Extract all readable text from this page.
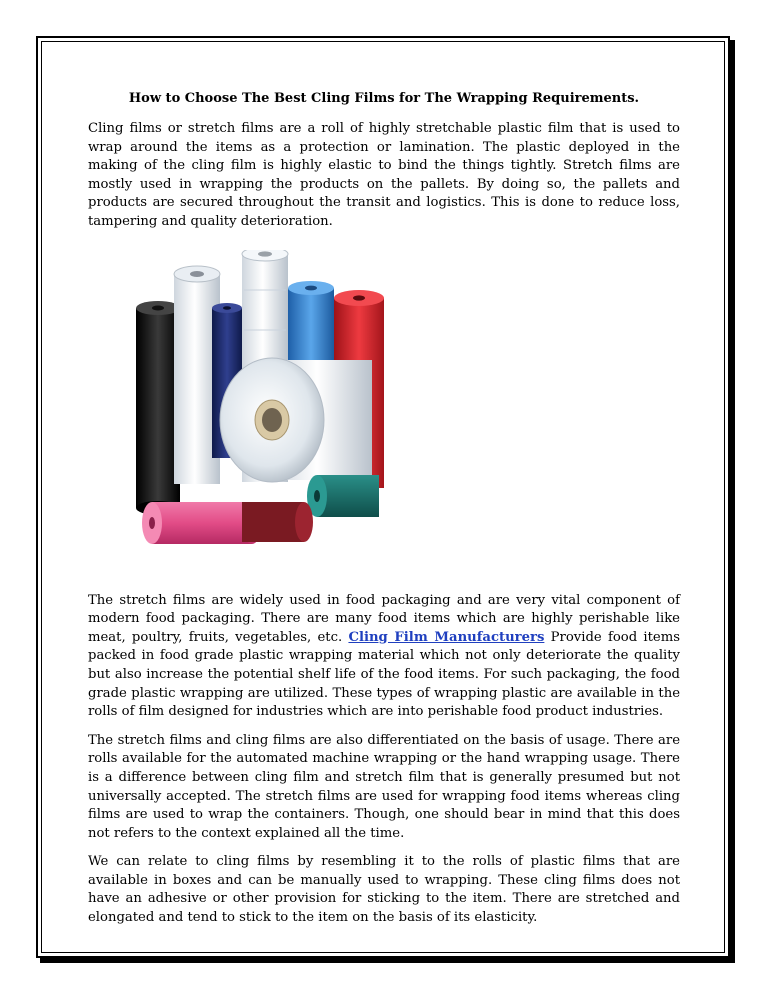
How to Choose The Best Cling Films for The Wrapping Requirements.

Cling films or stretch films are a roll of highly stretchable plastic film that is used to wrap around the items as a protection or lamination. The plastic deployed in the making of the cling film is highly elastic to bind the things tightly. Stretch films are mostly used in wrapping the products on the pallets. By doing so, the pallets and products are secured throughout the transit and logistics. This is done to reduce loss, tampering and quality deterioration.

The stretch films are widely used in food packaging and are very vital component of modern food packaging. There are many food items which are highly perishable like meat, poultry, fruits, vegetables, etc. Cling Film Manufacturers Provide food items packed in food grade plastic wrapping material which not only deteriorate the quality but also increase the potential shelf life of the food items. For such packaging, the food grade plastic wrapping are utilized. These types of wrapping plastic are available in the rolls of film designed for industries which are into perishable food product industries.

The stretch films and cling films are also differentiated on the basis of usage. There are rolls available for the automated machine wrapping or the hand wrapping usage. There is a difference between cling film and stretch film that is generally presumed but not universally accepted. The stretch films are used for wrapping food items whereas cling films are used to wrap the containers. Though, one should bear in mind that this does not refers to the context explained all the time.

We can relate to cling films by resembling it to the rolls of plastic films that are available in boxes and can be manually used to wrapping. These cling films does not have an adhesive or other provision for sticking to the item. There are stretched and elongated and tend to stick to the item on the basis of its elasticity.
